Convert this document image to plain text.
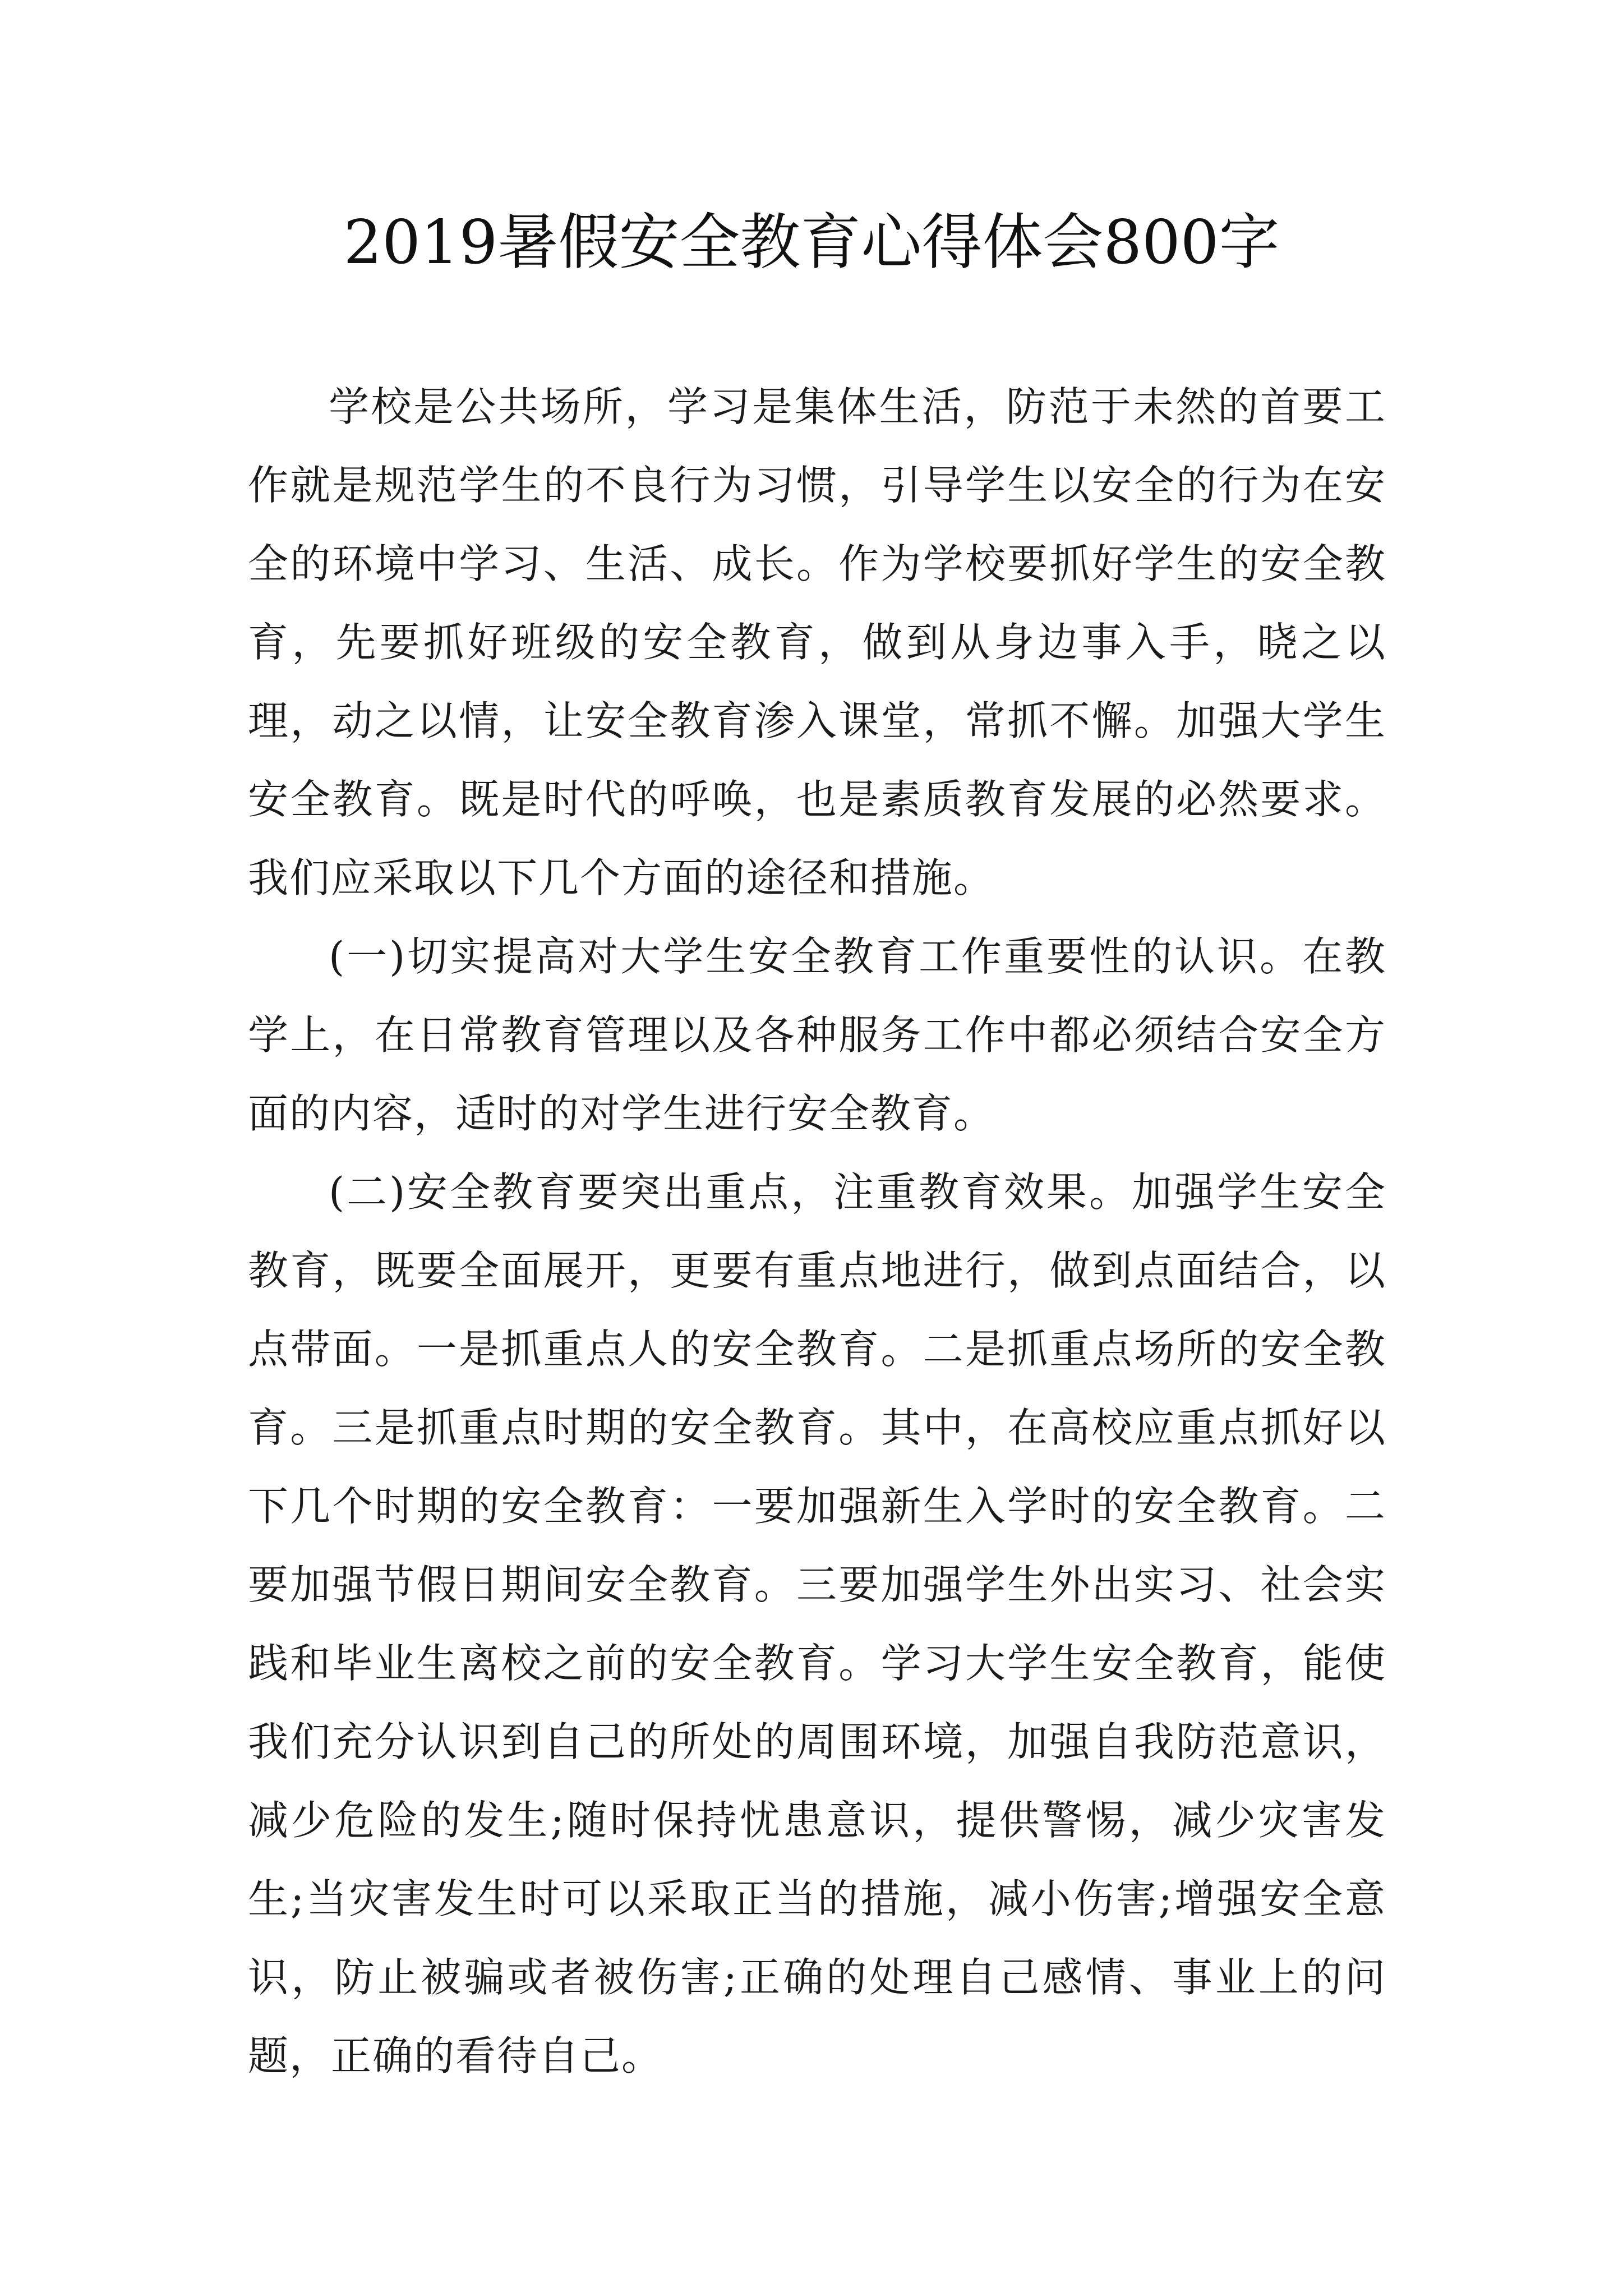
2019暑假安全教育心得体会800字

学校是公共场所，学习是集体生活，防范于未然的首要工作就是规范学生的不良行为习惯，引导学生以安全的行为在安全的环境中学习、生活、成长。作为学校要抓好学生的安全教育，先要抓好班级的安全教育，做到从身边事入手，晓之以理，动之以情，让安全教育渗入课堂，常抓不懈。加强大学生安全教育。既是时代的呼唤，也是素质教育发展的必然要求。我们应采取以下几个方面的途径和措施。

(一)切实提高对大学生安全教育工作重要性的认识。在教学上，在日常教育管理以及各种服务工作中都必须结合安全方面的内容，适时的对学生进行安全教育。

(二)安全教育要突出重点，注重教育效果。加强学生安全教育，既要全面展开，更要有重点地进行，做到点面结合，以点带面。一是抓重点人的安全教育。二是抓重点场所的安全教育。三是抓重点时期的安全教育。其中，在高校应重点抓好以下几个时期的安全教育：一要加强新生入学时的安全教育。二要加强节假日期间安全教育。三要加强学生外出实习、社会实践和毕业生离校之前的安全教育。学习大学生安全教育，能使我们充分认识到自己的所处的周围环境，加强自我防范意识，减少危险的发生;随时保持忧患意识，提供警惕，减少灾害发生;当灾害发生时可以采取正当的措施，减小伤害;增强安全意识，防止被骗或者被伤害;正确的处理自己感情、事业上的问题，正确的看待自己。
